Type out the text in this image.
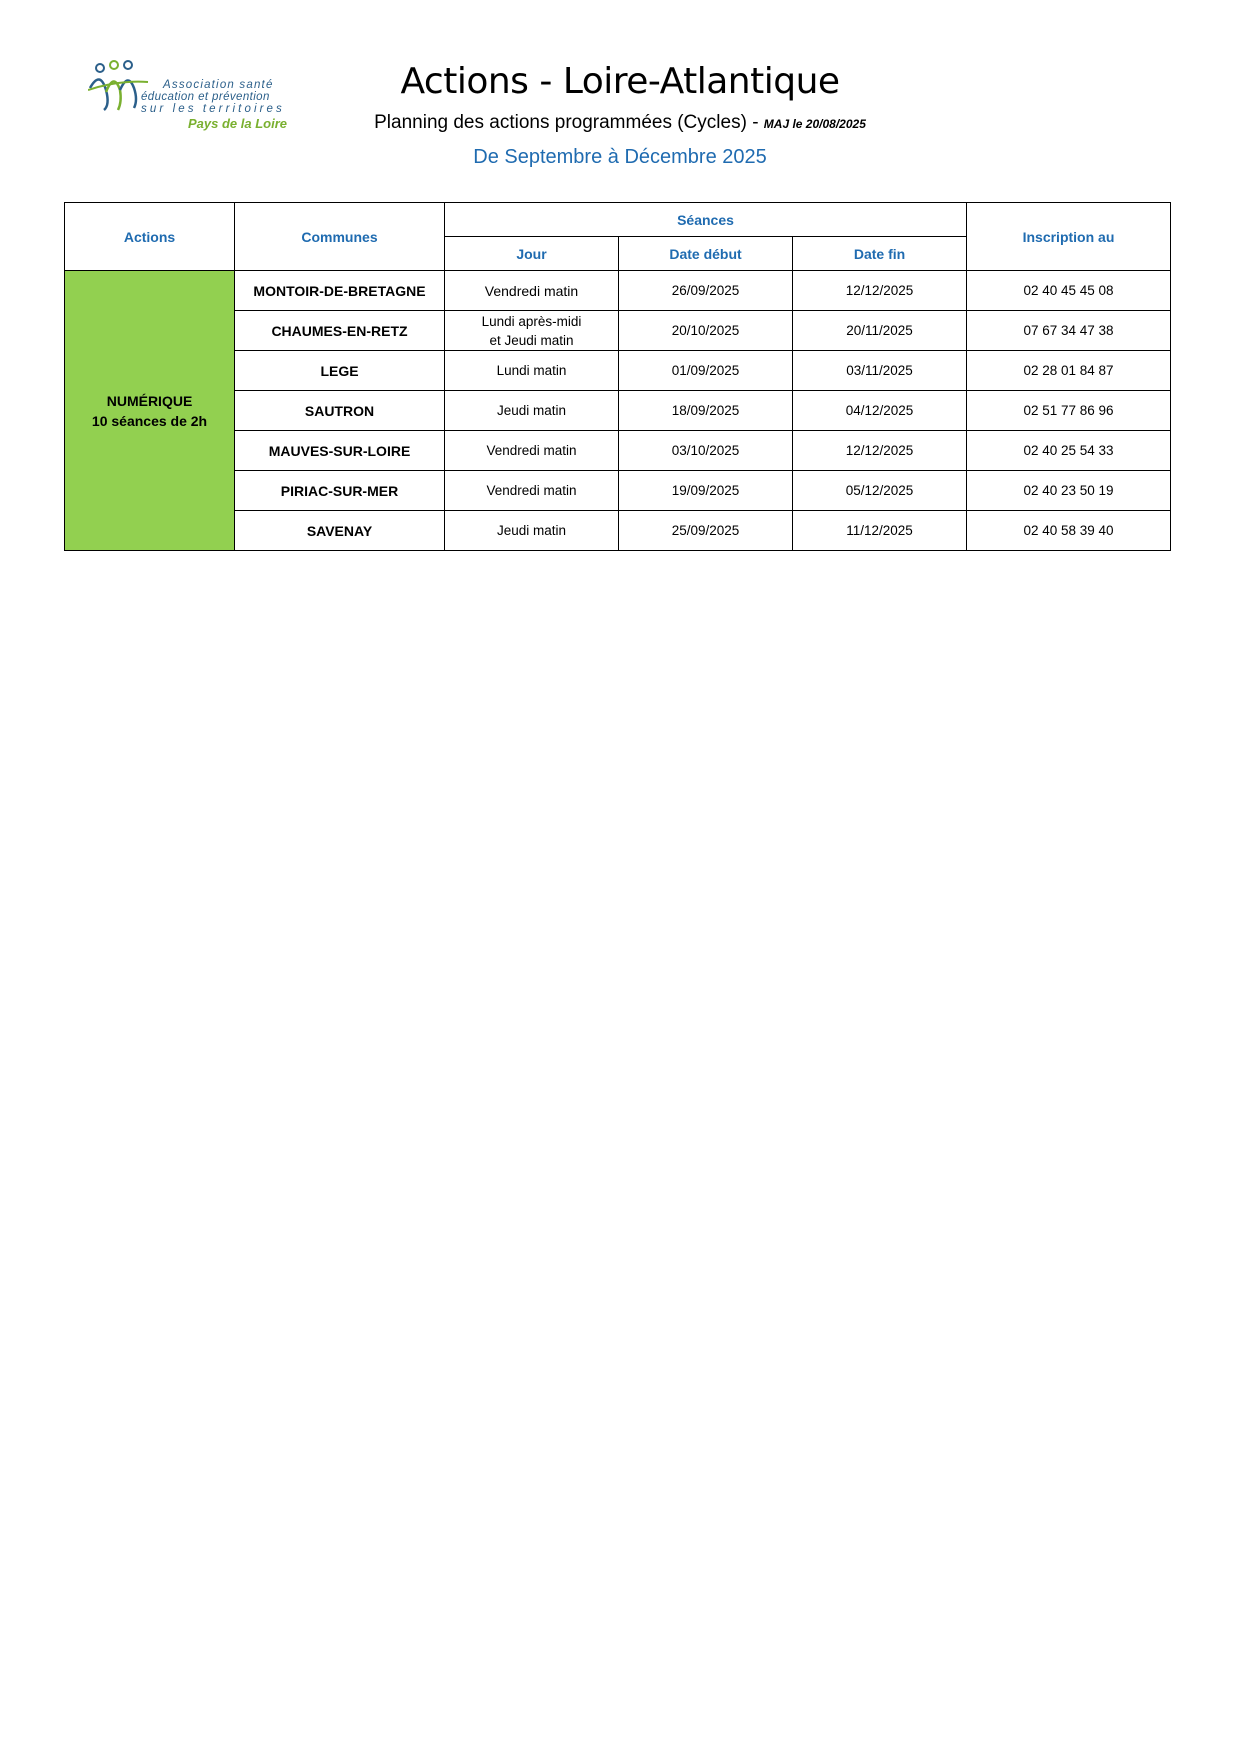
Association santé
éducation et prévention
sur les territoires
Pays de la Loire
Actions - Loire-Atlantique
Planning des actions programmées (Cycles) - MAJ le 20/08/2025
De Septembre à Décembre 2025
Actions	Communes	Séances			Inscription au
		Jour	Date début	Date fin	

NUMÉRIQUE
10 séances de 2h	MONTOIR-DE-BRETAGNE	Vendredi matin	26/09/2025	12/12/2025	02 40 45 45 08
	CHAUMES-EN-RETZ	Lundi après-midi
et Jeudi matin	20/10/2025	20/11/2025	07 67 34 47 38
	LEGE	Lundi matin	01/09/2025	03/11/2025	02 28 01 84 87
	SAUTRON	Jeudi matin	18/09/2025	04/12/2025	02 51 77 86 96
	MAUVES-SUR-LOIRE	Vendredi matin	03/10/2025	12/12/2025	02 40 25 54 33
	PIRIAC-SUR-MER	Vendredi matin	19/09/2025	05/12/2025	02 40 23 50 19
	SAVENAY	Jeudi matin	25/09/2025	11/12/2025	02 40 58 39 40
